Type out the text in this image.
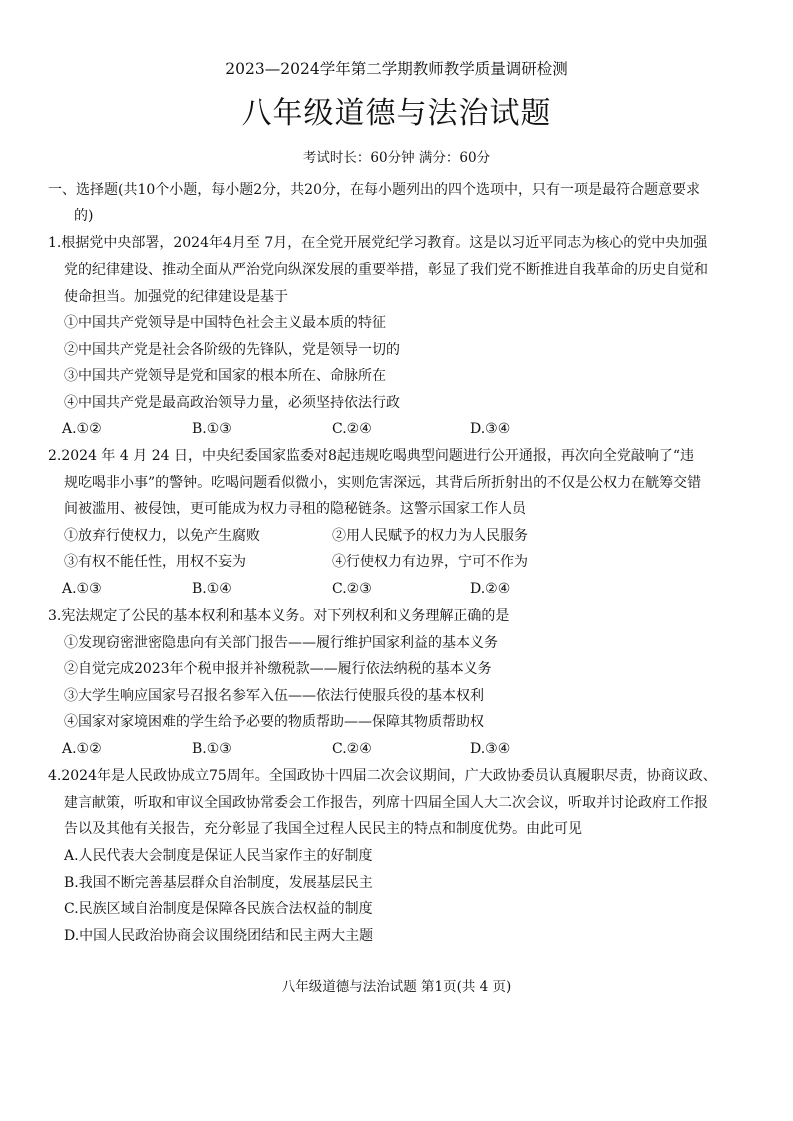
2023—2024学年第二学期教师教学质量调研检测
八年级道德与法治试题
考试时长：60分钟 满分：60分
一、选择题(共10个小题，每小题2分，共20分，在每小题列出的四个选项中，只有一项是最符合题意要求
的)
1.根据党中央部署，2024年4月至 7月，在全党开展党纪学习教育。这是以习近平同志为核心的党中央加强
党的纪律建设、推动全面从严治党向纵深发展的重要举措，彰显了我们党不断推进自我革命的历史自觉和
使命担当。加强党的纪律建设是基于
①中国共产党领导是中国特色社会主义最本质的特征
②中国共产党是社会各阶级的先锋队，党是领导一切的
③中国共产党领导是党和国家的根本所在、命脉所在
④中国共产党是最高政治领导力量，必须坚持依法行政
A.①②	B.①③	C.②④	D.③④
2.2024 年 4 月 24 日，中央纪委国家监委对8起违规吃喝典型问题进行公开通报，再次向全党敲响了“违
规吃喝非小事”的警钟。吃喝问题看似微小，实则危害深远，其背后所折射出的不仅是公权力在觥筹交错
间被滥用、被侵蚀，更可能成为权力寻租的隐秘链条。这警示国家工作人员
①放弃行使权力，以免产生腐败	②用人民赋予的权力为人民服务
③有权不能任性，用权不妄为	④行使权力有边界，宁可不作为
A.①③	B.①④	C.②③	D.②④
3.宪法规定了公民的基本权利和基本义务。对下列权利和义务理解正确的是
①发现窃密泄密隐患向有关部门报告——履行维护国家利益的基本义务
②自觉完成2023年个税申报并补缴税款——履行依法纳税的基本义务
③大学生响应国家号召报名参军入伍——依法行使服兵役的基本权利
④国家对家境困难的学生给予必要的物质帮助——保障其物质帮助权
A.①②	B.①③	C.②④	D.③④
4.2024年是人民政协成立75周年。全国政协十四届二次会议期间，广大政协委员认真履职尽责，协商议政、
建言献策，听取和审议全国政协常委会工作报告，列席十四届全国人大二次会议，听取并讨论政府工作报
告以及其他有关报告，充分彰显了我国全过程人民民主的特点和制度优势。由此可见
A.人民代表大会制度是保证人民当家作主的好制度
B.我国不断完善基层群众自治制度，发展基层民主
C.民族区域自治制度是保障各民族合法权益的制度
D.中国人民政治协商会议围绕团结和民主两大主题
八年级道德与法治试题 第1页(共 4 页)
